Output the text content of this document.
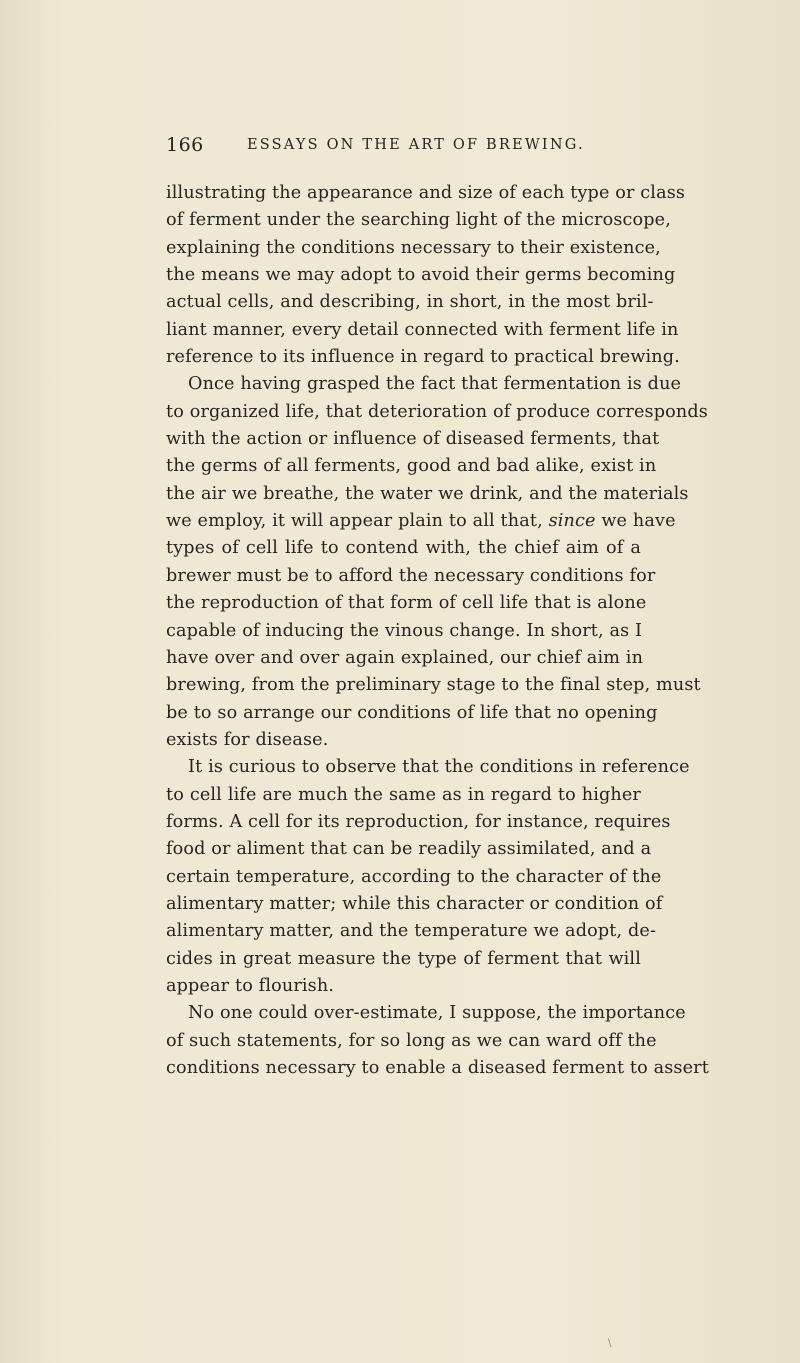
166	ESSAYS ON THE ART OF BREWING.
illustrating the appearance and size of each type or class
of ferment under the searching light of the microscope,
explaining the conditions necessary to their existence,
the means we may adopt to avoid their germs becoming
actual cells, and describing, in short, in the most bril-
liant manner, every detail connected with ferment life in
reference to its influence in regard to practical brewing.
Once having grasped the fact that fermentation is due
to organized life, that deterioration of produce corresponds
with the action or influence of diseased ferments, that
the germs of all ferments, good and bad alike, exist in
the air we breathe, the water we drink, and the materials
we employ, it will appear plain to all that, since we have
types of cell life to contend with, the chief aim of a
brewer must be to afford the necessary conditions for
the reproduction of that form of cell life that is alone
capable of inducing the vinous change. In short, as I
have over and over again explained, our chief aim in
brewing, from the preliminary stage to the final step, must
be to so arrange our conditions of life that no opening
exists for disease.
It is curious to observe that the conditions in reference
to cell life are much the same as in regard to higher
forms. A cell for its reproduction, for instance, requires
food or aliment that can be readily assimilated, and a
certain temperature, according to the character of the
alimentary matter; while this character or condition of
alimentary matter, and the temperature we adopt, de-
cides in great measure the type of ferment that will
appear to flourish.
No one could over-estimate, I suppose, the importance
of such statements, for so long as we can ward off the
conditions necessary to enable a diseased ferment to assert
\
